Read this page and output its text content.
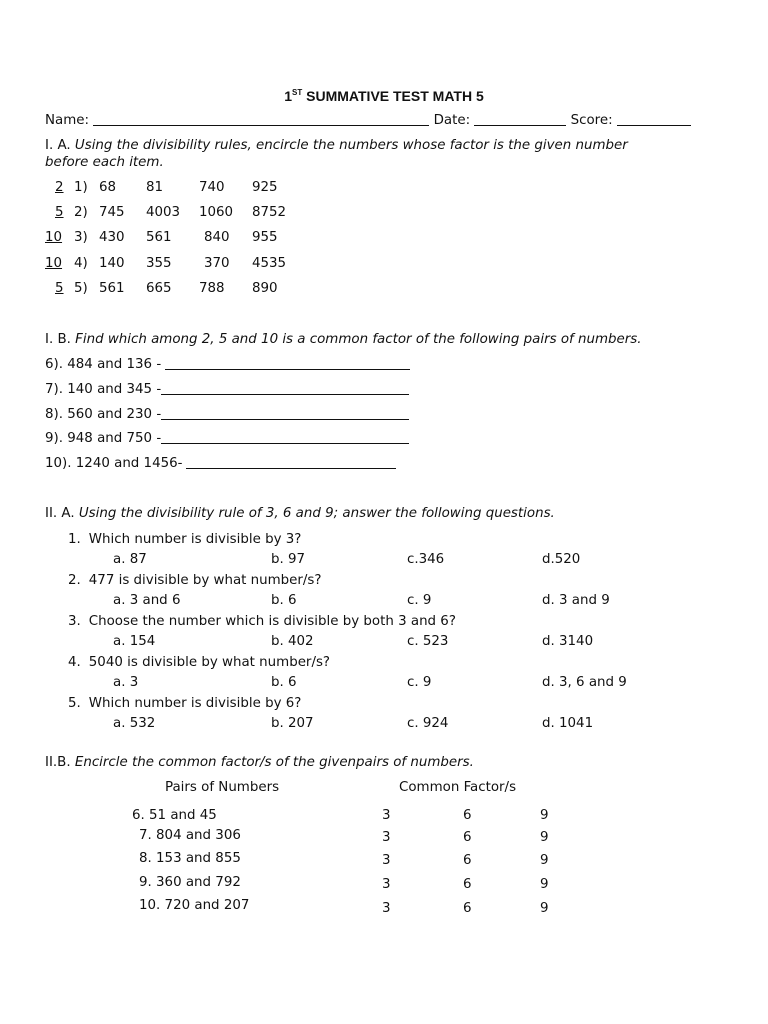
1ST SUMMATIVE TEST MATH 5
Name:	Date:	Score:
I. A. Using the divisibility rules, encircle the numbers whose factor is the given number
before each item.
2 1) 68 81	740 925
5 2) 745 4003 1060 8752
10 3) 430 561 840 955
10 4) 140 355 370 4535
5 5) 561 665 788 890
I. B. Find which among 2, 5 and 10 is a common factor of the following pairs of numbers.
6). 484 and 136 -
7). 140 and 345 -
8). 560 and 230 -
9). 948 and 750 -
10). 1240 and 1456-
II. A. Using the divisibility rule of 3, 6 and 9; answer the following questions.
1. Which number is divisible by 3?
a. 87	b. 97	c.346	d.520
2. 477 is divisible by what number/s?
a. 3 and 6	b. 6	c. 9	d. 3 and 9
3. Choose the number which is divisible by both 3 and 6?
a. 154	b. 402	c. 523	d. 3140
4. 5040 is divisible by what number/s?
a. 3	b. 6	c. 9	d. 3, 6 and 9
5. Which number is divisible by 6?
a. 532	b. 207	c. 924	d. 1041
II.B. Encircle the common factor/s of the givenpairs of numbers.
Pairs of Numbers	Common Factor/s
6. 51 and 45	3	6	9
7. 804 and 306	3	6	9
8. 153 and 855	3	6	9
9. 360 and 792	3	6	9
10. 720 and 207	3	6	9
